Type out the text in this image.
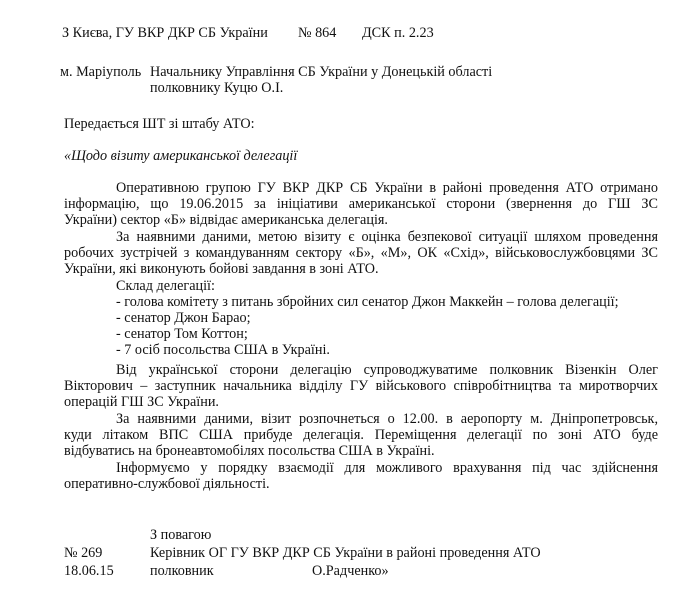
З Києва, ГУ ВКР ДКР СБ України № 864 ДСК п. 2.23
м. Маріуполь Начальнику Управління СБ України у Донецькій області
полковнику Куцю О.І.
Передається ШТ зі штабу АТО:
«Щодо візиту американської делегації
Оперативною групою ГУ ВКР ДКР СБ України в районі проведення АТО отримано
інформацію, що 19.06.2015 за ініціативи американської сторони (звернення до ГШ ЗС
України) сектор «Б» відвідає американська делегація.
За наявними даними, метою візиту є оцінка безпекової ситуації шляхом проведення
робочих зустрічей з командуванням сектору «Б», «М», ОК «Схід», військовослужбовцями ЗС
України, які виконують бойові завдання в зоні АТО.
Склад делегації:
- голова комітету з питань збройних сил сенатор Джон Маккейн – голова делегації;
- сенатор Джон Барао;
- сенатор Том Коттон;
- 7 осіб посольства США в Україні.
Від української сторони делегацію супроводжуватиме полковник Візенкін Олег
Вікторович – заступник начальника відділу ГУ військового співробітництва та миротворчих
операцій ГШ ЗС України.
За наявними даними, візит розпочнеться о 12.00. в аеропорту м. Дніпропетровськ,
куди літаком ВПС США прибуде делегація. Переміщення делегації по зоні АТО буде
відбуватись на бронеавтомобілях посольства США в Україні.
Інформуємо у порядку взаємодії для можливого врахування під час здійснення
оперативно-службової діяльності.
З повагою
№ 269	Керівник ОГ ГУ ВКР ДКР СБ України в районі проведення АТО
18.06.15	полковник	О.Радченко»
